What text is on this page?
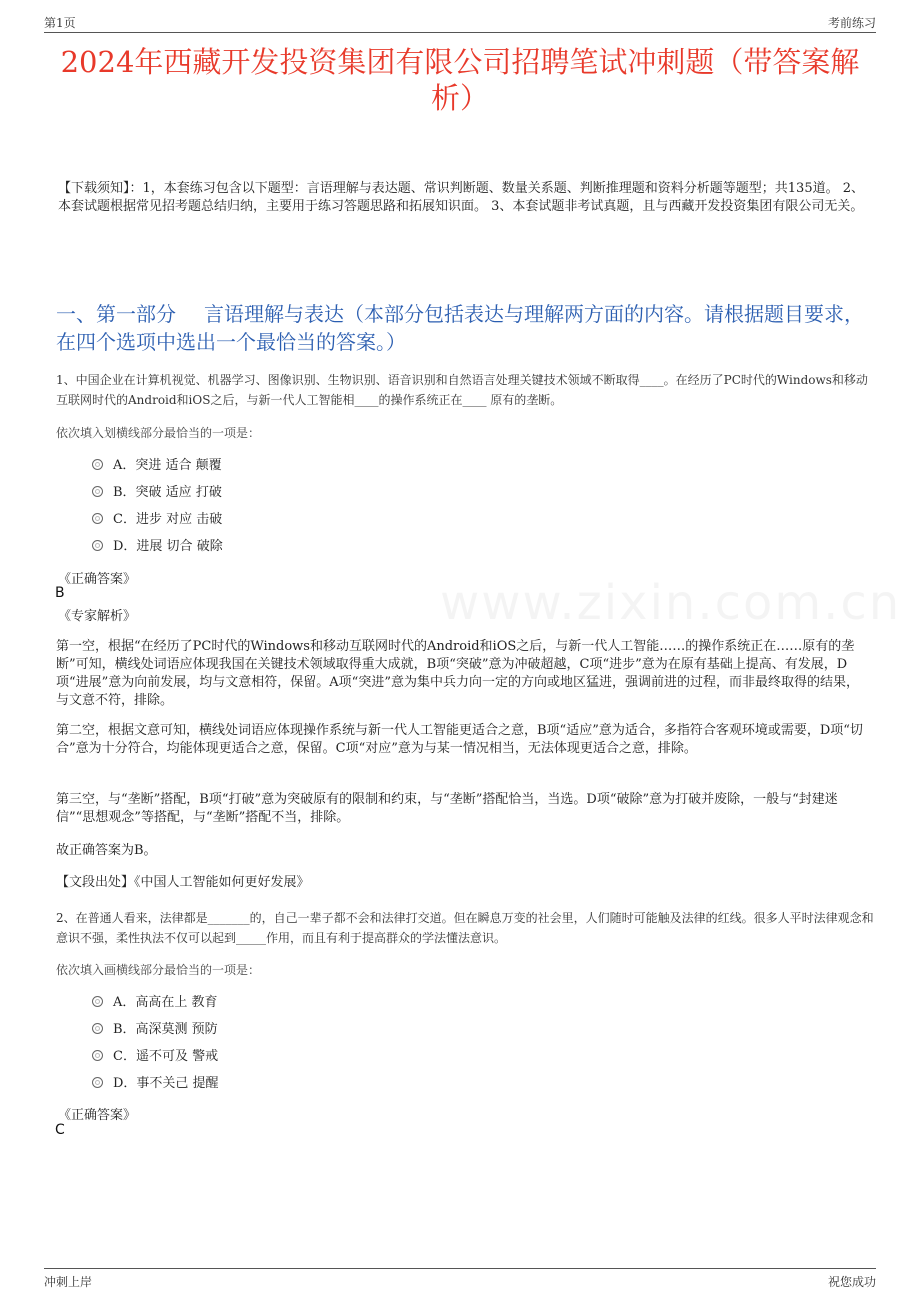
第1页	考前练习
2024年西藏开发投资集团有限公司招聘笔试冲刺题（带答案解析）
【下载须知】：1，本套练习包含以下题型：言语理解与表达题、常识判断题、数量关系题、判断推理题和资料分析题等题型；共135道。 2、本套试题根据常见招考题总结归纳，主要用于练习答题思路和拓展知识面。 3、本套试题非考试真题，且与西藏开发投资集团有限公司无关。
一、第一部分 言语理解与表达（本部分包括表达与理解两方面的内容。请根据题目要求，在四个选项中选出一个最恰当的答案。）
1、中国企业在计算机视觉、机器学习、图像识别、生物识别、语音识别和自然语言处理关键技术领域不断取得____。在经历了PC时代的Windows和移动互联网时代的Android和iOS之后，与新一代人工智能相____的操作系统正在____ 原有的垄断。
依次填入划横线部分最恰当的一项是：
A．突进 适合 颠覆
B．突破 适应 打破
C．进步 对应 击破
D．进展 切合 破除
《正确答案》
B
《专家解析》
第一空，根据“在经历了PC时代的Windows和移动互联网时代的Android和iOS之后，与新一代人工智能……的操作系统正在……原有的垄断”可知，横线处词语应体现我国在关键技术领域取得重大成就，B项“突破”意为冲破超越，C项“进步”意为在原有基础上提高、有发展，D项“进展”意为向前发展，均与文意相符，保留。A项“突进”意为集中兵力向一定的方向或地区猛进，强调前进的过程，而非最终取得的结果，与文意不符，排除。
第二空，根据文意可知，横线处词语应体现操作系统与新一代人工智能更适合之意，B项“适应”意为适合，多指符合客观环境或需要，D项“切合”意为十分符合，均能体现更适合之意，保留。C项“对应”意为与某一情况相当，无法体现更适合之意，排除。
第三空，与“垄断”搭配，B项“打破”意为突破原有的限制和约束，与“垄断”搭配恰当，当选。D项“破除”意为打破并废除，一般与“封建迷信”“思想观念”等搭配，与“垄断”搭配不当，排除。
故正确答案为B。
【文段出处】《中国人工智能如何更好发展》
2、在普通人看来，法律都是_______的，自己一辈子都不会和法律打交道。但在瞬息万变的社会里，人们随时可能触及法律的红线。很多人平时法律观念和意识不强，柔性执法不仅可以起到_____作用，而且有利于提高群众的学法懂法意识。
依次填入画横线部分最恰当的一项是：
A．高高在上 教育
B．高深莫测 预防
C．遥不可及 警戒
D．事不关己 提醒
《正确答案》
C
冲刺上岸	祝您成功
